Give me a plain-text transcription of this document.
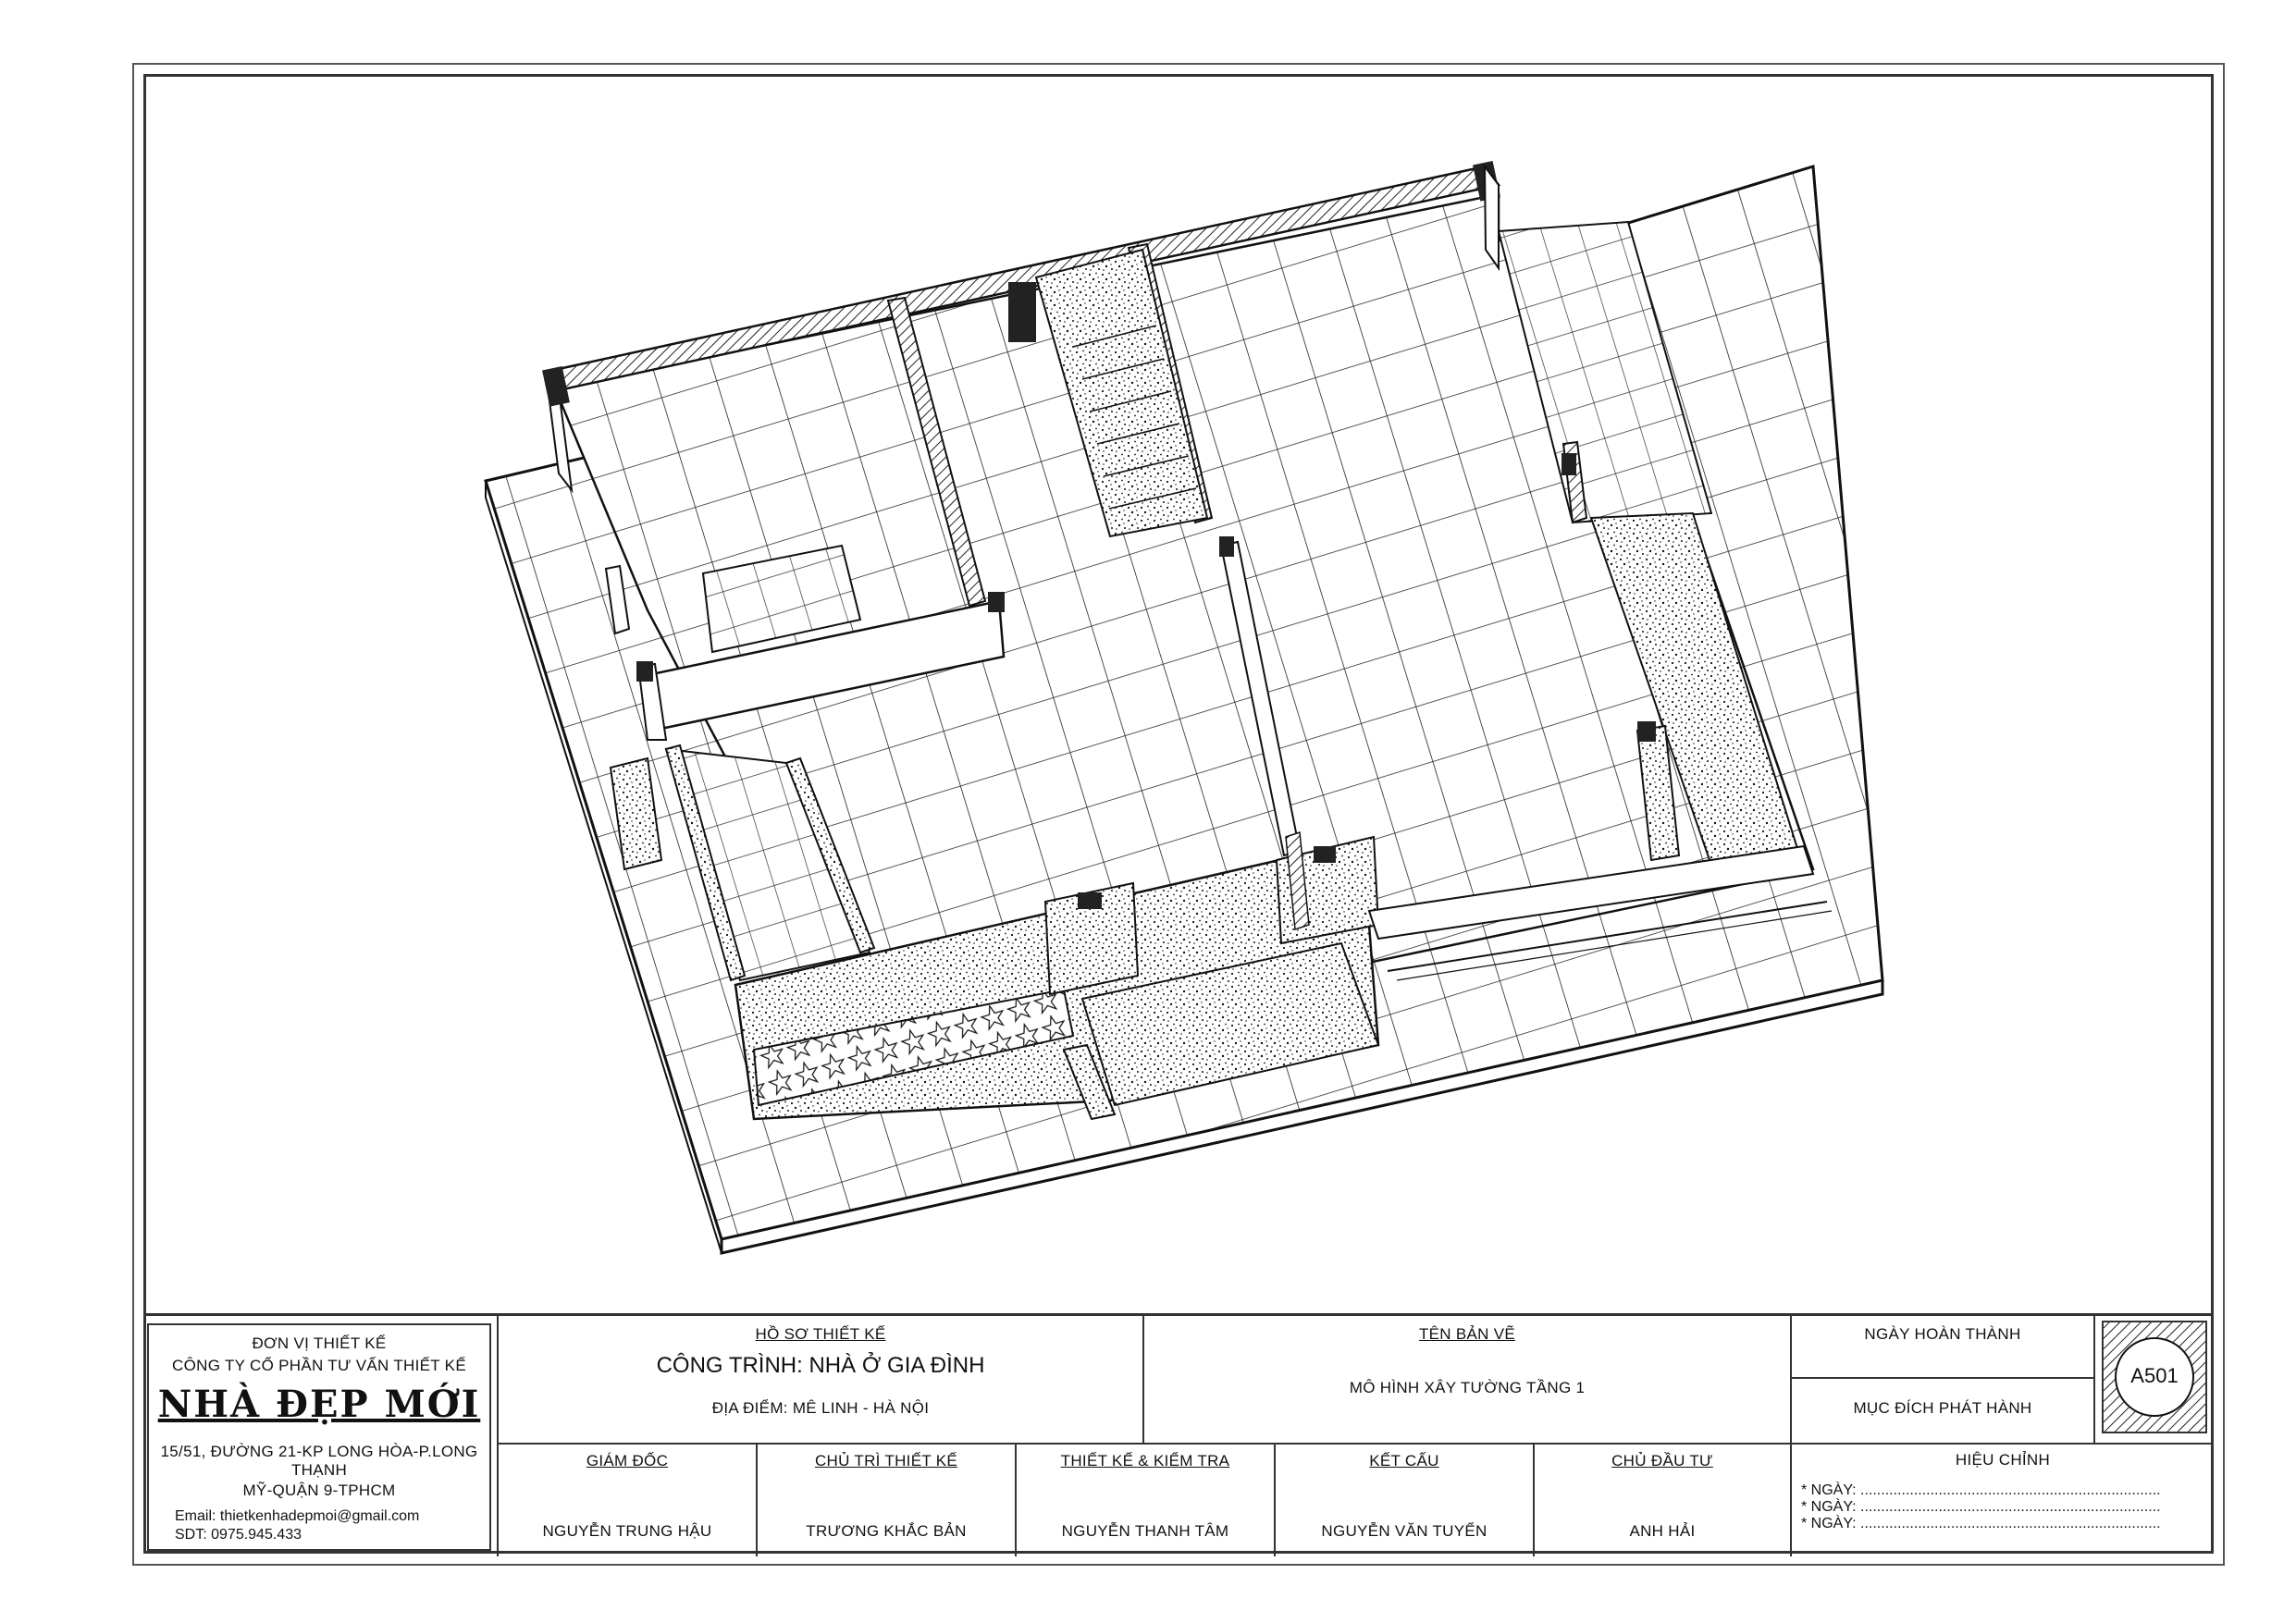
ĐƠN VỊ THIẾT KẾ
CÔNG TY CỔ PHẦN TƯ VẤN THIẾT KẾ
NHÀ ĐẸP MỚI
15/51, ĐƯỜNG 21-KP LONG HÒA-P.LONG THẠNH
MỸ-QUẬN 9-TPHCM
Email: thietkenhadepmoi@gmail.com
SDT: 0975.945.433
HỒ SƠ THIẾT KẾ
CÔNG TRÌNH: NHÀ Ở GIA ĐÌNH
ĐỊA ĐIỂM: MÊ LINH - HÀ NỘI
TÊN BẢN VẼ
MÔ HÌNH XÂY TƯỜNG TẦNG 1
NGÀY HOÀN THÀNH
MỤC ĐÍCH PHÁT HÀNH
A501
HIỆU CHỈNH
* NGÀY: .........................................................................
* NGÀY: .........................................................................
* NGÀY: .........................................................................
GIÁM ĐỐC
NGUYỄN TRUNG HẬU
CHỦ TRÌ THIẾT KẾ
TRƯƠNG KHẮC BẢN
THIẾT KẾ & KIỂM TRA
NGUYỄN THANH TÂM
KẾT CẤU
NGUYỄN VĂN TUYỂN
CHỦ ĐẦU TƯ
ANH HẢI
